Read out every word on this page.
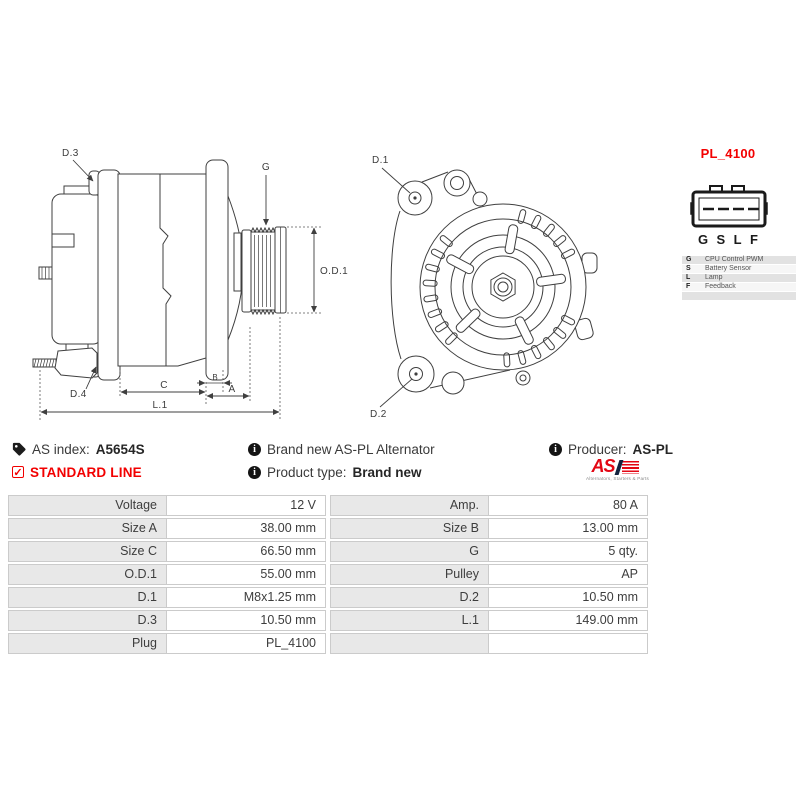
G
D.3
D.4
O.D.1
C
B
A
L.1
D.1
D.2
PL_4100
G S L F
G	CPU Control PWM
S	Battery Sensor
L	Lamp
F	Feedback
AS index: A5654S	i Brand new AS-PL Alternator	i Producer: AS-PL
✓ STANDARD LINE	i Product type: Brand new	AS
Alternators, Starters & Parts
Voltage	12 V
Size A	38.00 mm
Size C	66.50 mm
O.D.1	55.00 mm
D.1	M8x1.25 mm
D.3	10.50 mm
Plug	PL_4100
Amp.	80 A
Size B	13.00 mm
G	5 qty.
Pulley	AP
D.2	10.50 mm
L.1	149.00 mm
